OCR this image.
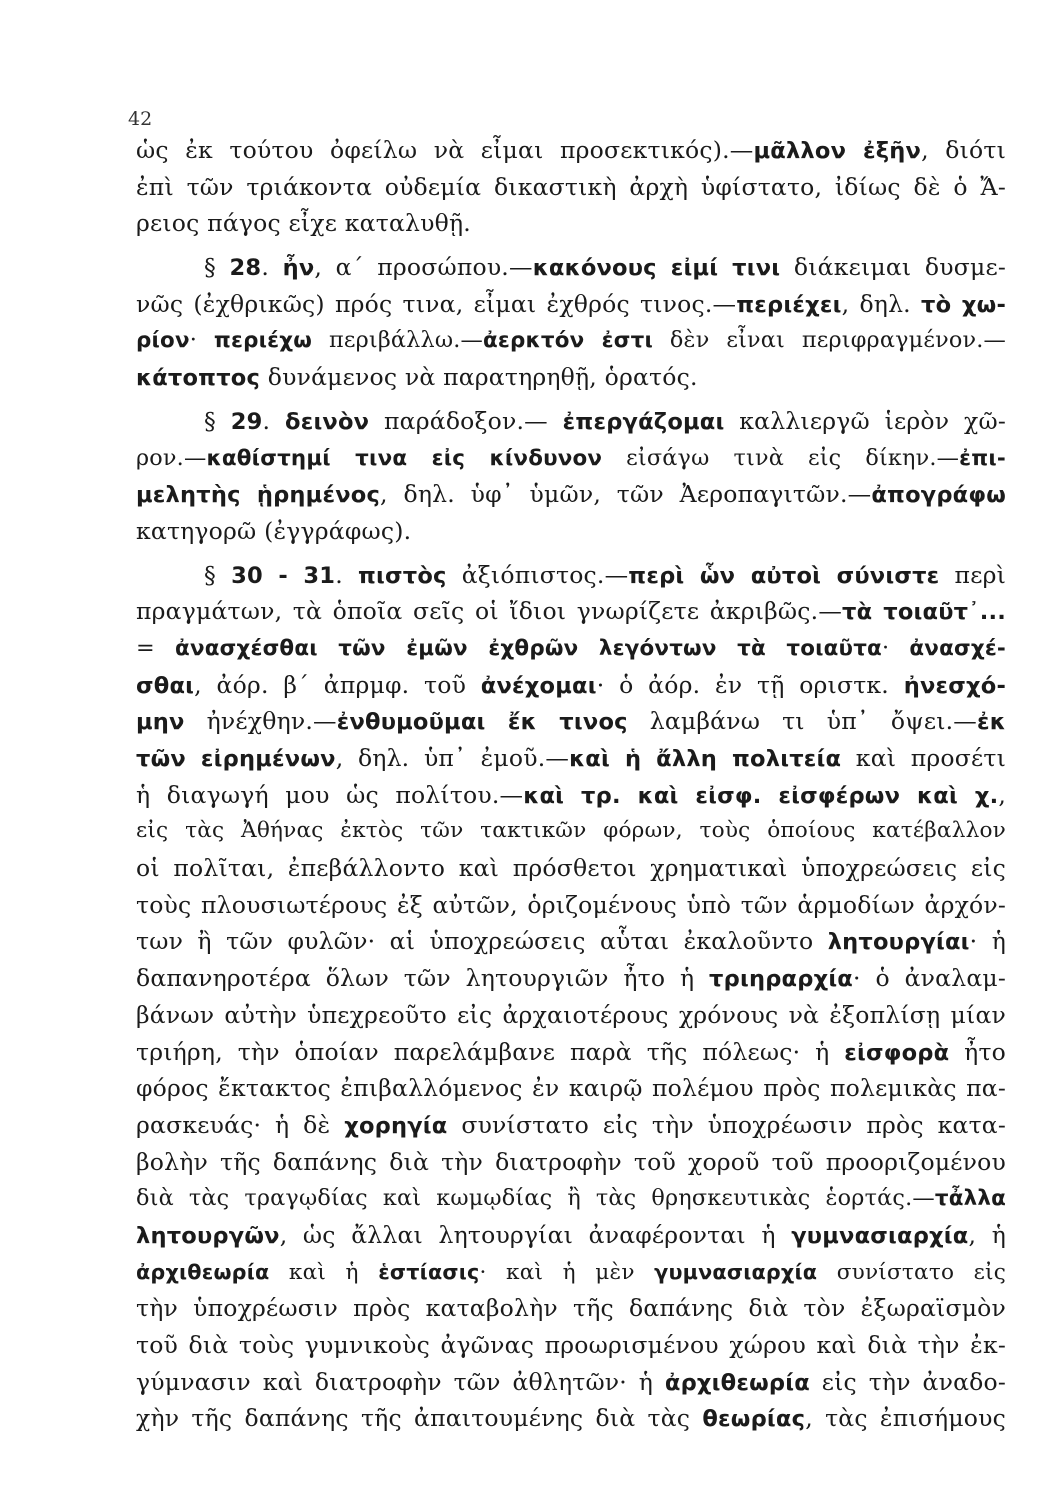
42
ὡς ἐκ τούτου ὀφείλω νὰ εἶμαι προσεκτικός).—μᾶλλον ἐξῆν, διότι
ἐπὶ τῶν τριάκοντα οὐδεμία δικαστικὴ ἀρχὴ ὑφίστατο, ἰδίως δὲ ὁ Ἄ-
ρειος πάγος εἶχε καταλυθῇ.
§ 28. ἦν, α΄ προσώπου.—κακόνους εἰμί τινι διάκειμαι δυσμε-
νῶς (ἐχθρικῶς) πρός τινα, εἶμαι ἐχθρός τινος.—περιέχει, δηλ. τὸ χω-
ρίον· περιέχω περιβάλλω.—ἀερκτόν ἐστι δὲν εἶναι περιφραγμένον.—
κάτοπτος δυνάμενος νὰ παρατηρηθῇ, ὁρατός.
§ 29. δεινὸν παράδοξον.— ἐπεργάζομαι καλλιεργῶ ἱερὸν χῶ-
ρον.—καθίστημί τινα εἰς κίνδυνον εἰσάγω τινὰ εἰς δίκην.—ἐπι-
μελητὴς ᾑρημένος, δηλ. ὑφ᾽ ὑμῶν, τῶν Ἀεροπαγιτῶν.—ἀπογράφω
κατηγορῶ (ἐγγράφως).
§ 30 - 31. πιστὸς ἀξιόπιστος.—περὶ ὧν αὐτοὶ σύνιστε περὶ
πραγμάτων, τὰ ὁποῖα σεῖς οἱ ἴδιοι γνωρίζετε ἀκριβῶς.—τὰ τοιαῦτ᾽...
= ἀνασχέσθαι τῶν ἐμῶν ἐχθρῶν λεγόντων τὰ τοιαῦτα· ἀνασχέ-
σθαι, ἀόρ. β΄ ἀπρμφ. τοῦ ἀνέχομαι· ὁ ἀόρ. ἐν τῇ οριστκ. ἠνεσχό-
μην ἠνέχθην.—ἐνθυμοῦμαι ἔκ τινος λαμβάνω τι ὑπ᾽ ὄψει.—ἐκ
τῶν εἰρημένων, δηλ. ὑπ᾽ ἐμοῦ.—καὶ ἡ ἄλλη πολιτεία καὶ προσέτι
ἡ διαγωγή μου ὡς πολίτου.—καὶ τρ. καὶ εἰσφ. εἰσφέρων καὶ χ.,
εἰς τὰς Ἀθήνας ἐκτὸς τῶν τακτικῶν φόρων, τοὺς ὁποίους κατέβαλλον
οἱ πολῖται, ἐπεβάλλοντο καὶ πρόσθετοι χρηματικαὶ ὑποχρεώσεις εἰς
τοὺς πλουσιωτέρους ἐξ αὐτῶν, ὁριζομένους ὑπὸ τῶν ἁρμοδίων ἀρχόν-
των ἢ τῶν φυλῶν· αἱ ὑποχρεώσεις αὗται ἐκαλοῦντο λητουργίαι· ἡ
δαπανηροτέρα ὅλων τῶν λητουργιῶν ἦτο ἡ τριηραρχία· ὁ ἀναλαμ-
βάνων αὐτὴν ὑπεχρεοῦτο εἰς ἀρχαιοτέρους χρόνους νὰ ἐξοπλίσῃ μίαν
τριήρη, τὴν ὁποίαν παρελάμβανε παρὰ τῆς πόλεως· ἡ εἰσφορὰ ἦτο
φόρος ἔκτακτος ἐπιβαλλόμενος ἐν καιρῷ πολέμου πρὸς πολεμικὰς πα-
ρασκευάς· ἡ δὲ χορηγία συνίστατο εἰς τὴν ὑποχρέωσιν πρὸς κατα-
βολὴν τῆς δαπάνης διὰ τὴν διατροφὴν τοῦ χοροῦ τοῦ προοριζομένου
διὰ τὰς τραγῳδίας καὶ κωμῳδίας ἢ τὰς θρησκευτικὰς ἑορτάς.—τἆλλα
λητουργῶν, ὡς ἄλλαι λητουργίαι ἀναφέρονται ἡ γυμνασιαρχία, ἡ
ἀρχιθεωρία καὶ ἡ ἑστίασις· καὶ ἡ μὲν γυμνασιαρχία συνίστατο εἰς
τὴν ὑποχρέωσιν πρὸς καταβολὴν τῆς δαπάνης διὰ τὸν ἐξωραϊσμὸν
τοῦ διὰ τοὺς γυμνικοὺς ἀγῶνας προωρισμένου χώρου καὶ διὰ τὴν ἐκ-
γύμνασιν καὶ διατροφὴν τῶν ἀθλητῶν· ἡ ἀρχιθεωρία εἰς τὴν ἀναδο-
χὴν τῆς δαπάνης τῆς ἀπαιτουμένης διὰ τὰς θεωρίας, τὰς ἐπισήμους
